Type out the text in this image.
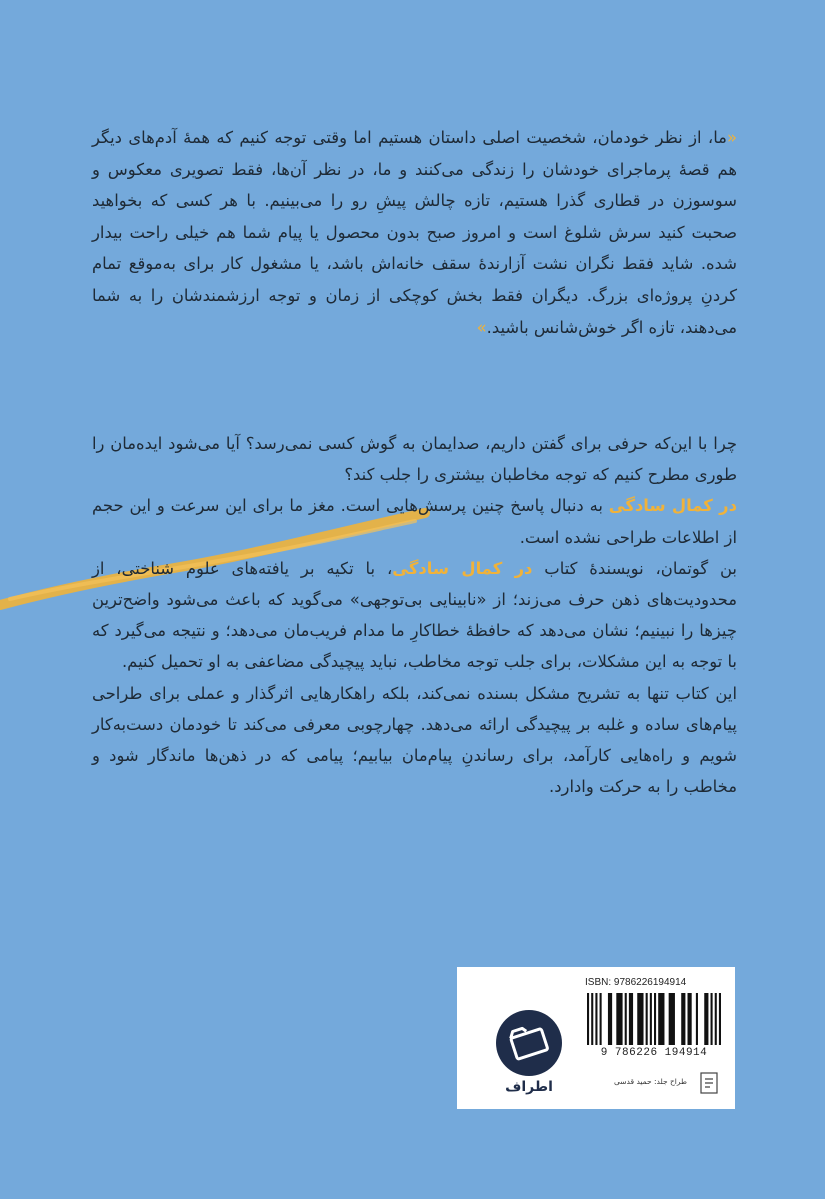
«ما، از نظر خودمان، شخصیت اصلی داستان هستیم اما وقتی توجه کنیم که همهٔ آدم‌های دیگر هم قصهٔ پرماجرای خودشان را زندگی می‌کنند و ما، در نظر آن‌ها، فقط تصویری معکوس و سوسوزن در قطاری گذرا هستیم، تازه چالش پیشِ رو را می‌بینیم. با هر کسی که بخواهید صحبت کنید سرش شلوغ است و امروز صبح بدون محصول یا پیام شما هم خیلی راحت بیدار شده. شاید فقط نگران نشت آزارندهٔ سقف خانه‌اش باشد، یا مشغول کار برای به‌موقع تمام کردنِ پروژه‌ای بزرگ. دیگران فقط بخش کوچکی از زمان و توجه ارزشمندشان را به شما می‌دهند، تازه اگر خوش‌شانس باشید.»

چرا با این‌که حرفی برای گفتن داریم، صدایمان به گوش کسی نمی‌رسد؟ آیا می‌شود ایده‌مان را طوری مطرح کنیم که توجه مخاطبان بیشتری را جلب کند؟
در کمال سادگی به دنبال پاسخ چنین پرسش‌هایی است. مغز ما برای این سرعت و این حجم از اطلاعات طراحی نشده است.

بن گوتمان، نویسندهٔ کتاب در کمال سادگی، با تکیه بر یافته‌های علوم شناختی، از محدودیت‌های ذهن حرف می‌زند؛ از «نابینایی بی‌توجهی» می‌گوید که باعث می‌شود واضح‌ترین چیزها را نبینیم؛ نشان می‌دهد که حافظهٔ خطاکارِ ما مدام فریب‌مان می‌دهد؛ و نتیجه می‌گیرد که با توجه به این مشکلات، برای جلب توجه مخاطب، نباید پیچیدگی مضاعفی به او تحمیل کنیم.

این کتاب تنها به تشریح مشکل بسنده نمی‌کند، بلکه راهکارهایی اثرگذار و عملی برای طراحی پیام‌های ساده و غلبه بر پیچیدگی ارائه می‌دهد. چهارچوبی معرفی می‌کند تا خودمان دست‌به‌کار شویم و راه‌هایی کارآمد، برای رساندنِ پیام‌مان بیابیم؛ پیامی که در ذهن‌ها ماندگار شود و مخاطب را به حرکت وادارد.

اطراف
ISBN: 9786226194914
9 786226 194914
طراح جلد: حمید قدسی
